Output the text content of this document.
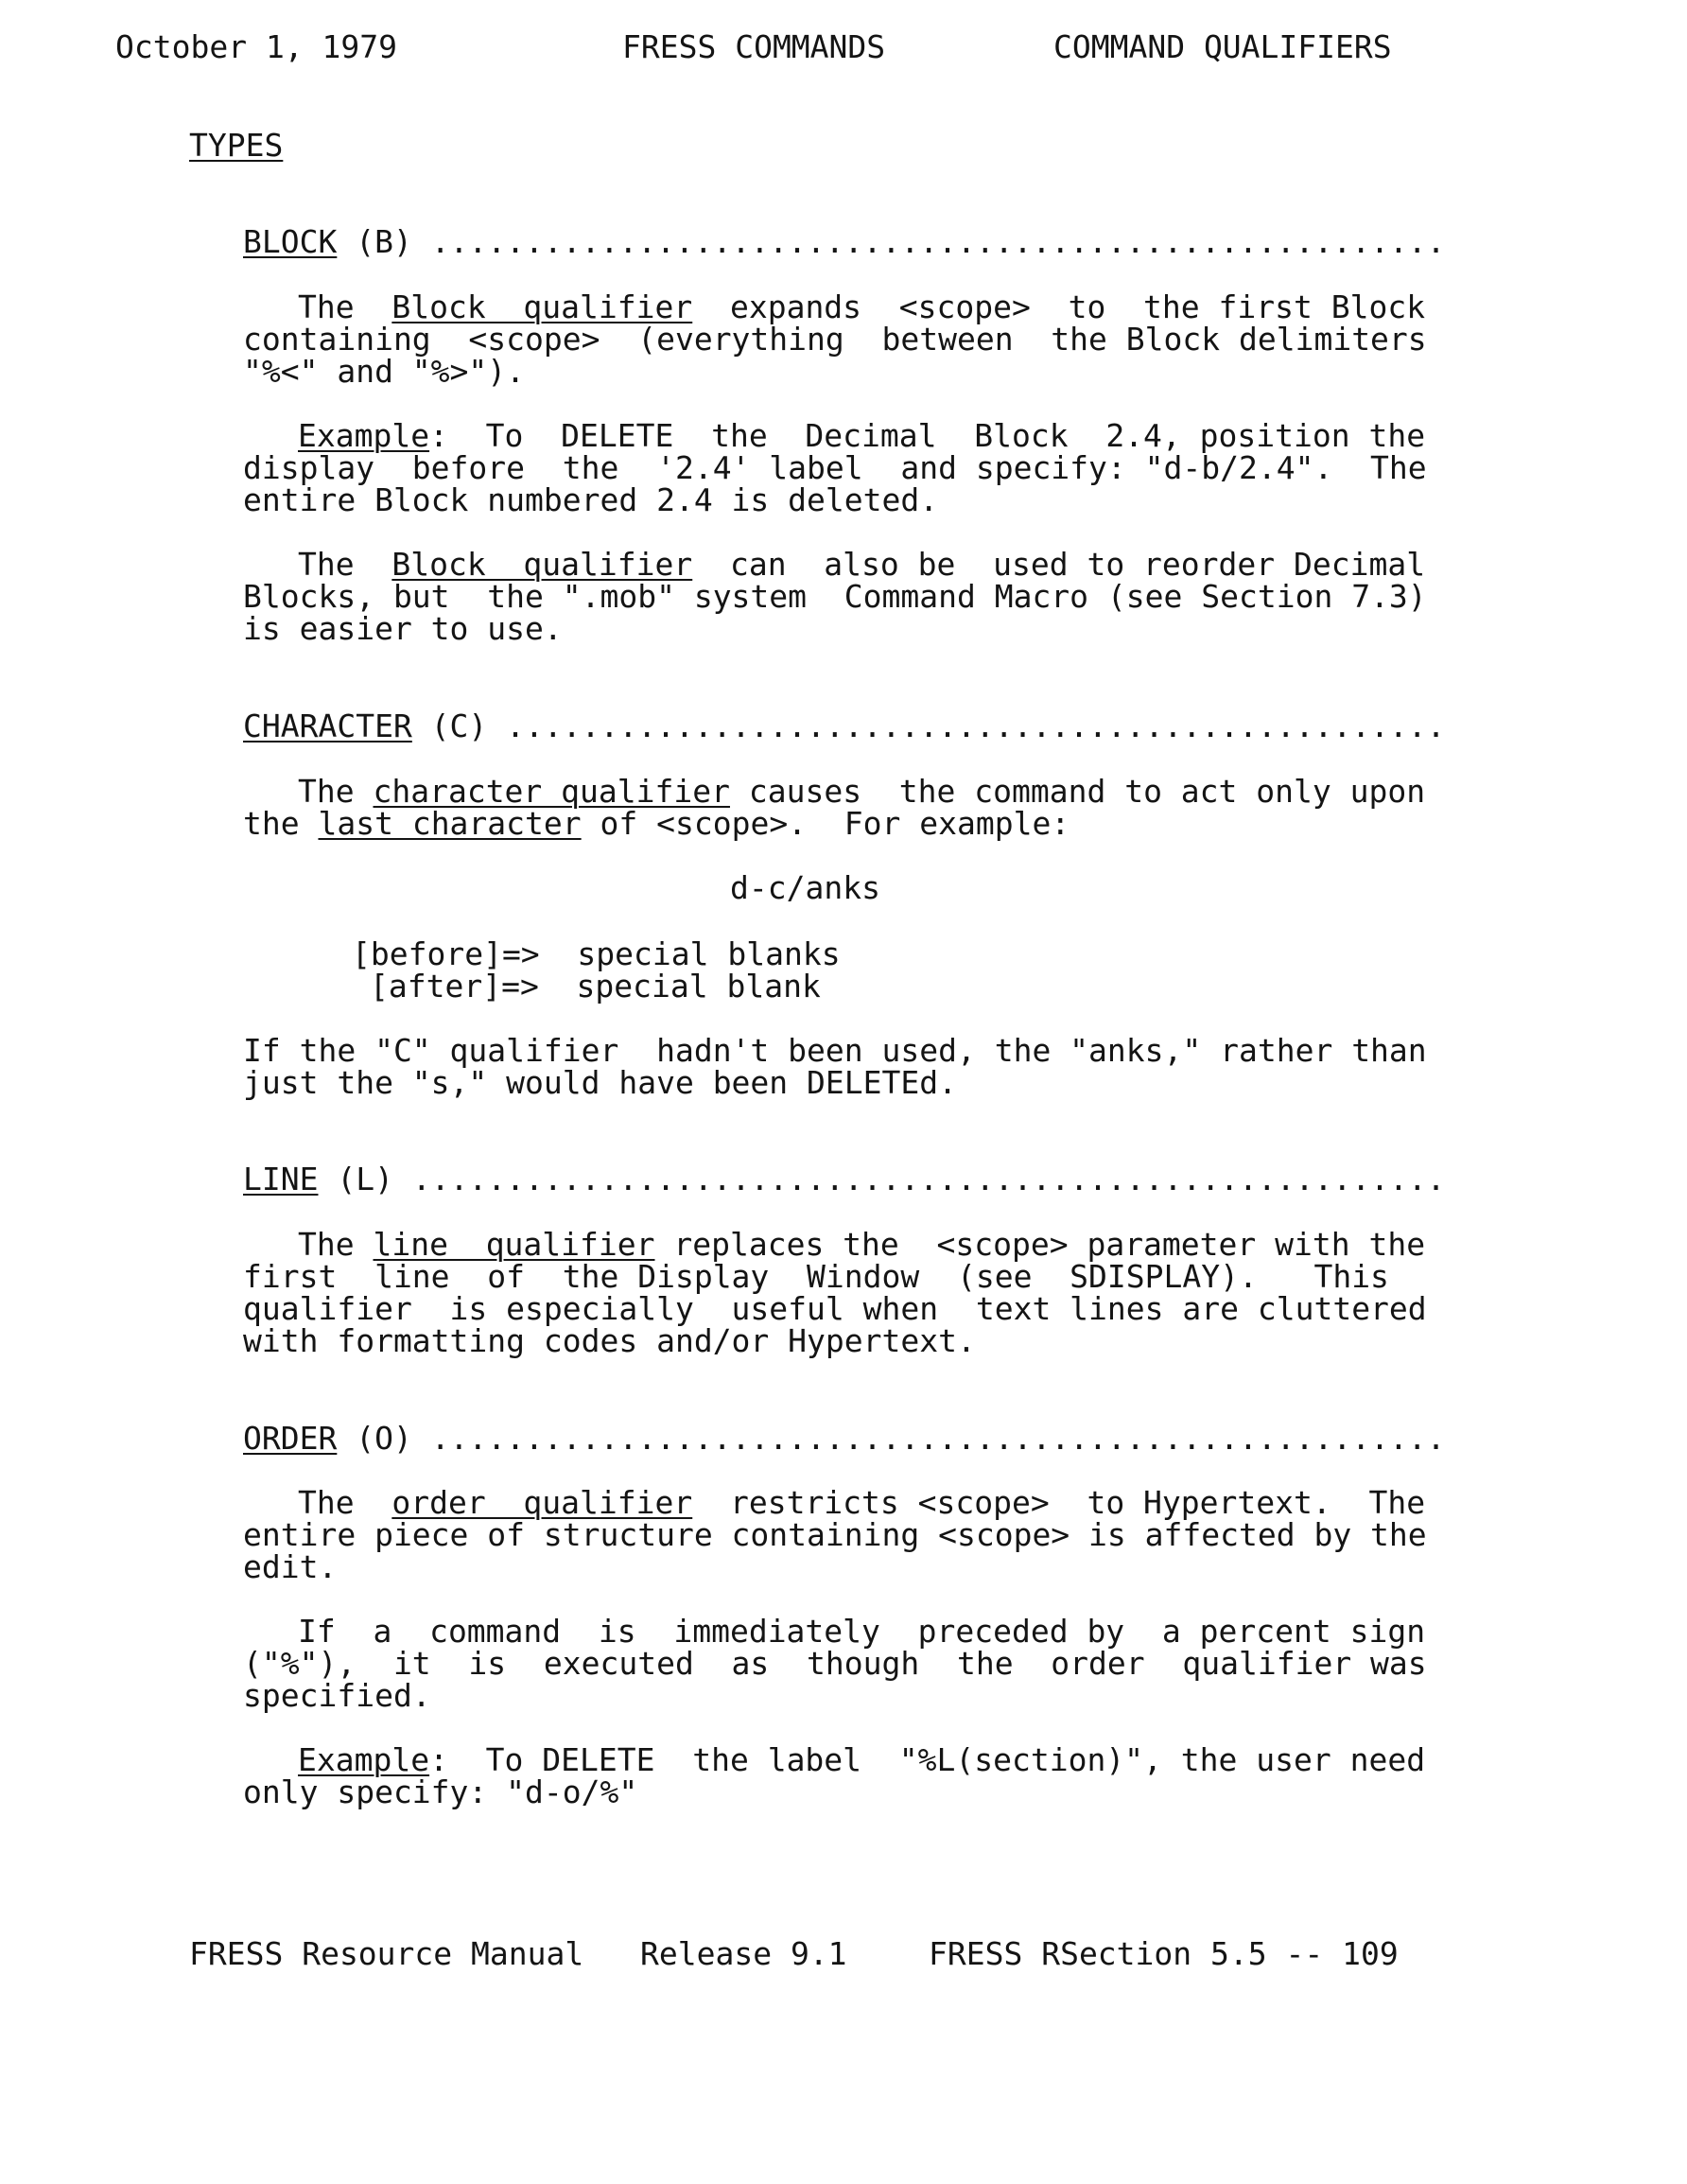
October 1, 1979	FRESS COMMANDS	COMMAND QUALIFIERS
TYPES
BLOCK (B) ......................................................
The  Block  qualifier  expands  <scope>  to  the first Block
containing  <scope>  (everything  between  the Block delimiters
"%<" and "%>").
Example:  To  DELETE  the  Decimal  Block  2.4, position the
display  before  the  '2.4' label  and specify: "d-b/2.4".  The
entire Block numbered 2.4 is deleted.
The  Block  qualifier  can  also be  used to reorder Decimal
Blocks, but  the ".mob" system  Command Macro (see Section 7.3)
is easier to use.
CHARACTER (C) ..................................................
The character qualifier causes  the command to act only upon
the last character of <scope>.  For example:
d-c/anks
[before]=>  special blanks
[after]=>  special blank
If the "C" qualifier  hadn't been used, the "anks," rather than
just the "s," would have been DELETEd.
LINE (L) .......................................................
The line  qualifier replaces the  <scope> parameter with the
first  line  of  the Display  Window  (see  SDISPLAY).   This
qualifier  is especially  useful when  text lines are cluttered
with formatting codes and/or Hypertext.
ORDER (O) ......................................................
The  order  qualifier  restricts <scope>  to Hypertext.  The
entire piece of structure containing <scope> is affected by the
edit.
If  a  command  is  immediately  preceded by  a percent sign
("%"),  it  is  executed  as  though  the  order  qualifier was
specified.
Example:  To DELETE  the label  "%L(section)", the user need
only specify: "d-o/%"
FRESS Resource Manual Release 9.1	FRESS RSection 5.5 -- 109
